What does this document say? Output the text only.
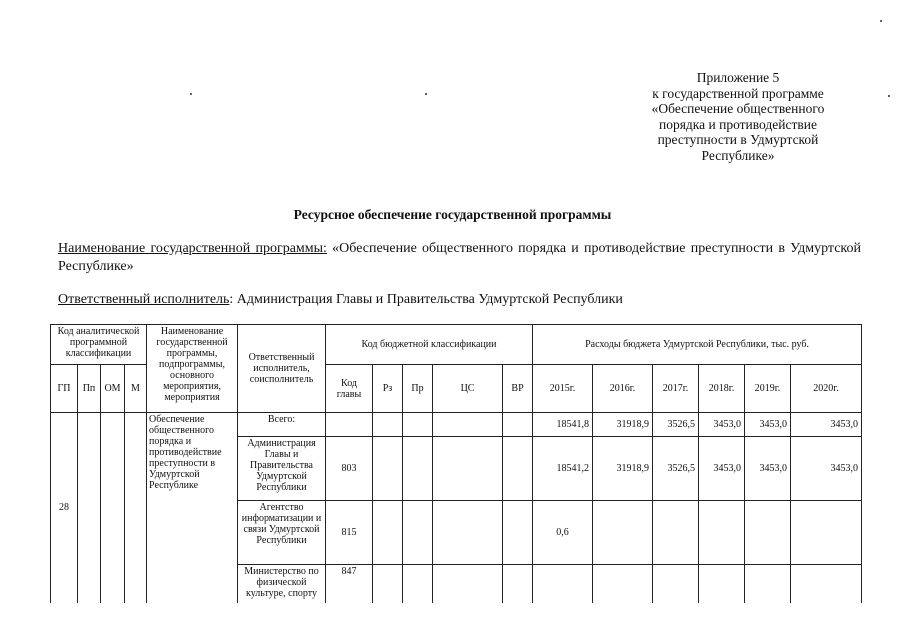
Приложение 5
к государственной программе
«Обеспечение общественного
порядка и противодействие
преступности в Удмуртской
Республике»
Ресурсное обеспечение государственной программы
Наименование государственной программы: «Обеспечение общественного порядка и противодействие преступности в Удмуртской Республике»
Ответственный исполнитель: Администрация Главы и Правительства Удмуртской Республики
Код аналитической программной классификации				Наименование государственной программы, подпрограммы, основного мероприятия, мероприятия	Ответственный исполнитель, соисполнитель	Код бюджетной классификации					Расходы бюджета Удмуртской Республики, тыс. руб.					
ГП	Пп	ОМ	М			Код главы	Рз	Пр	ЦС	ВР	2015г.	2016г.	2017г.	2018г.	2019г.	2020г.
28				Обеспечение общественного порядка и противодействие преступности в Удмуртской Республике	Всего:						18541,8	31918,9	3526,5	3453,0	3453,0	3453,0
					Администрация Главы и Правительства Удмуртской Республики	803					18541,2	31918,9	3526,5	3453,0	3453,0	3453,0
					Агентство информатизации и связи Удмуртской Республики	815					0,6					
					Министерство по физической культуре, спорту	847										
